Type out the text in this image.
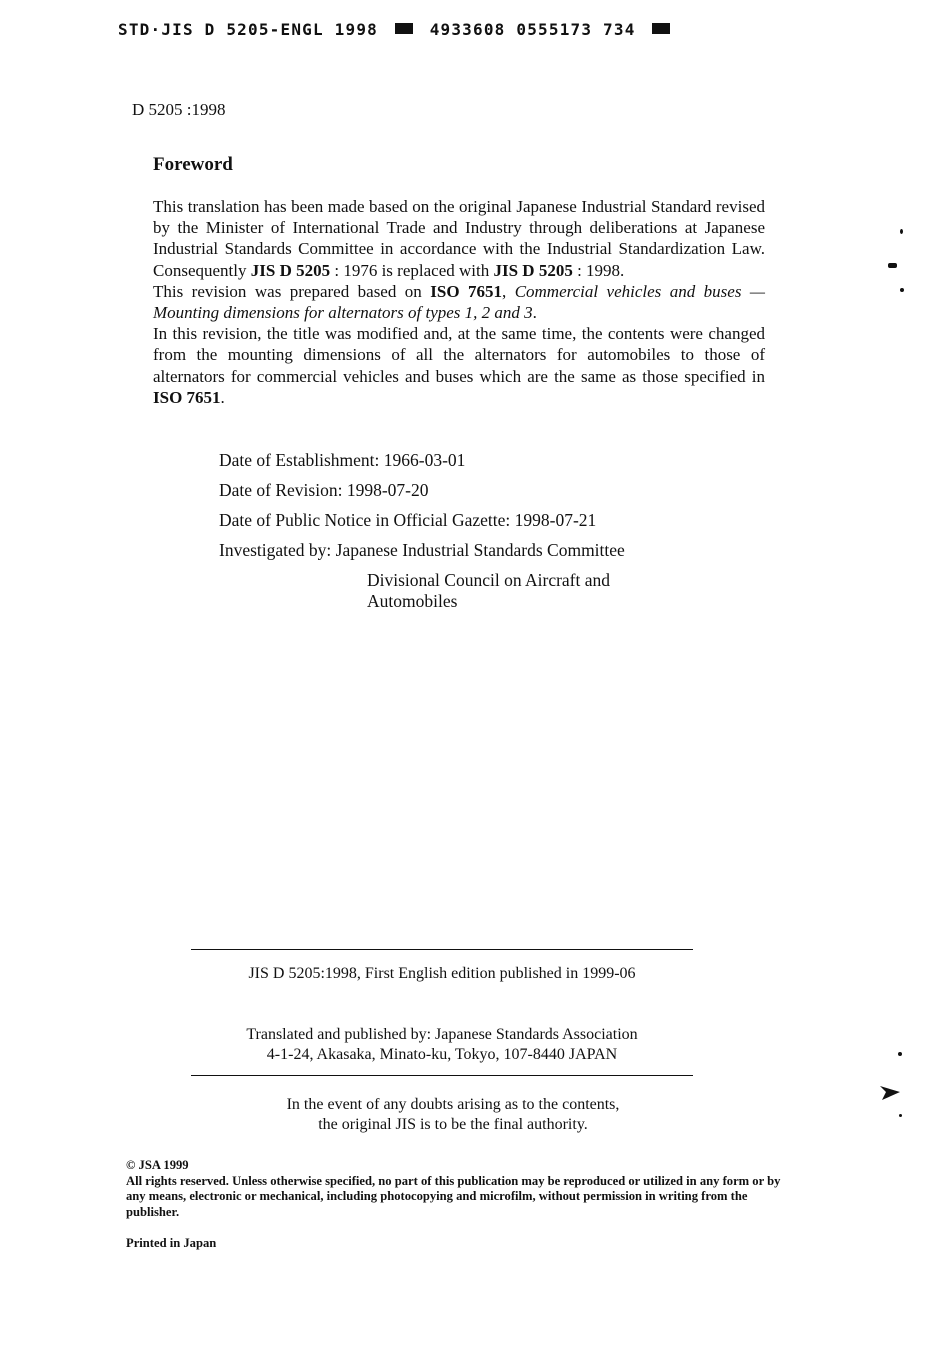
STD·JIS D 5205-ENGL 1998	4933608 0555173 734
D 5205 :1998
Foreword

This translation has been made based on the original Japanese Industrial Standard revised by the Minister of International Trade and Industry through deliberations at Japanese Industrial Standards Committee in accordance with the Industrial Standardization Law. Consequently JIS D 5205 : 1976 is replaced with JIS D 5205 : 1998.

This revision was prepared based on ISO 7651, Commercial vehicles and buses — Mounting dimensions for alternators of types 1, 2 and 3.

In this revision, the title was modified and, at the same time, the contents were changed from the mounting dimensions of all the alternators for automobiles to those of alternators for commercial vehicles and buses which are the same as those specified in ISO 7651.

Date of Establishment: 1966-03-01
Date of Revision: 1998-07-20
Date of Public Notice in Official Gazette: 1998-07-21
Investigated by: Japanese Industrial Standards Committee
Divisional Council on Aircraft and
Automobiles
JIS D 5205:1998, First English edition published in 1999-06
Translated and published by: Japanese Standards Association
4-1-24, Akasaka, Minato-ku, Tokyo, 107-8440 JAPAN
In the event of any doubts arising as to the contents,
the original JIS is to be the final authority.
© JSA 1999
All rights reserved. Unless otherwise specified, no part of this publication may be reproduced or utilized in any form or by any means, electronic or mechanical, including photocopying and microfilm, without permission in writing from the publisher.
Printed in Japan
